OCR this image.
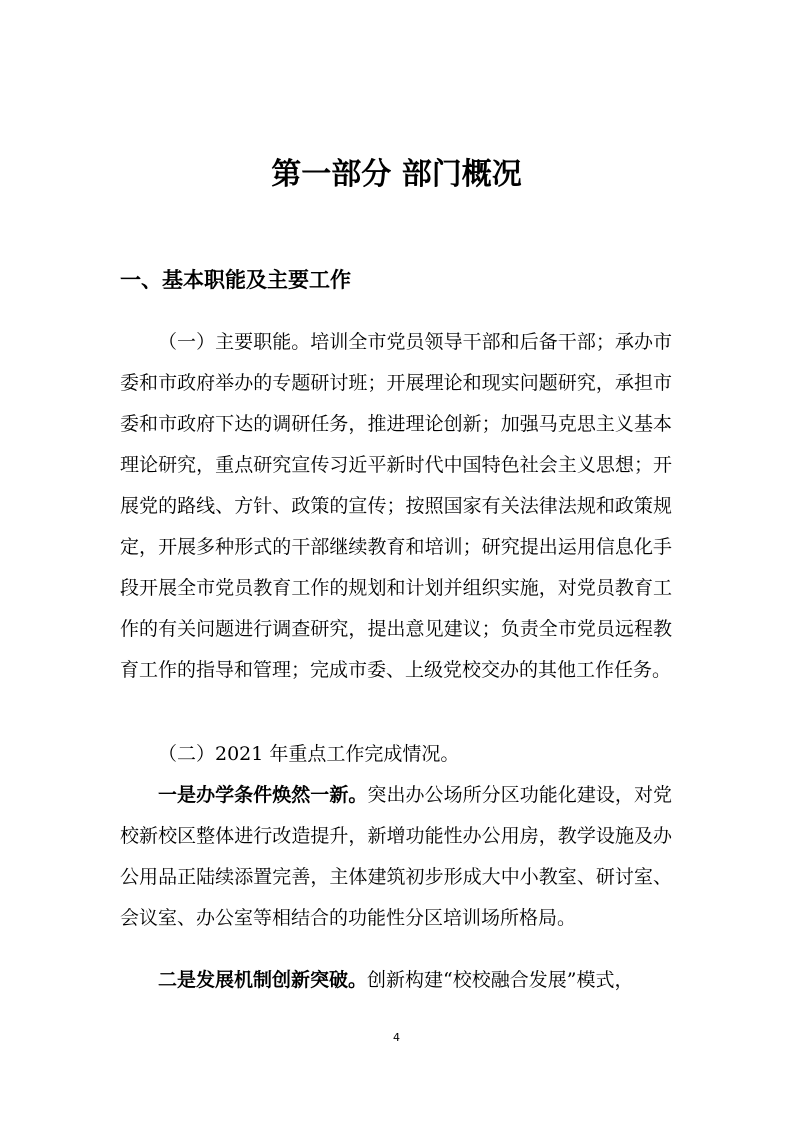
第一部分 部门概况
一、基本职能及主要工作

（一）主要职能。培训全市党员领导干部和后备干部；承办市委和市政府举办的专题研讨班；开展理论和现实问题研究，承担市委和市政府下达的调研任务，推进理论创新；加强马克思主义基本理论研究，重点研究宣传习近平新时代中国特色社会主义思想；开展党的路线、方针、政策的宣传；按照国家有关法律法规和政策规定，开展多种形式的干部继续教育和培训；研究提出运用信息化手段开展全市党员教育工作的规划和计划并组织实施，对党员教育工作的有关问题进行调查研究，提出意见建议；负责全市党员远程教育工作的指导和管理；完成市委、上级党校交办的其他工作任务。

（二）2021 年重点工作完成情况。

一是办学条件焕然一新。突出办公场所分区功能化建设，对党校新校区整体进行改造提升，新增功能性办公用房，教学设施及办公用品正陆续添置完善，主体建筑初步形成大中小教室、研讨室、会议室、办公室等相结合的功能性分区培训场所格局。

二是发展机制创新突破。创新构建“校校融合发展”模式，

4
